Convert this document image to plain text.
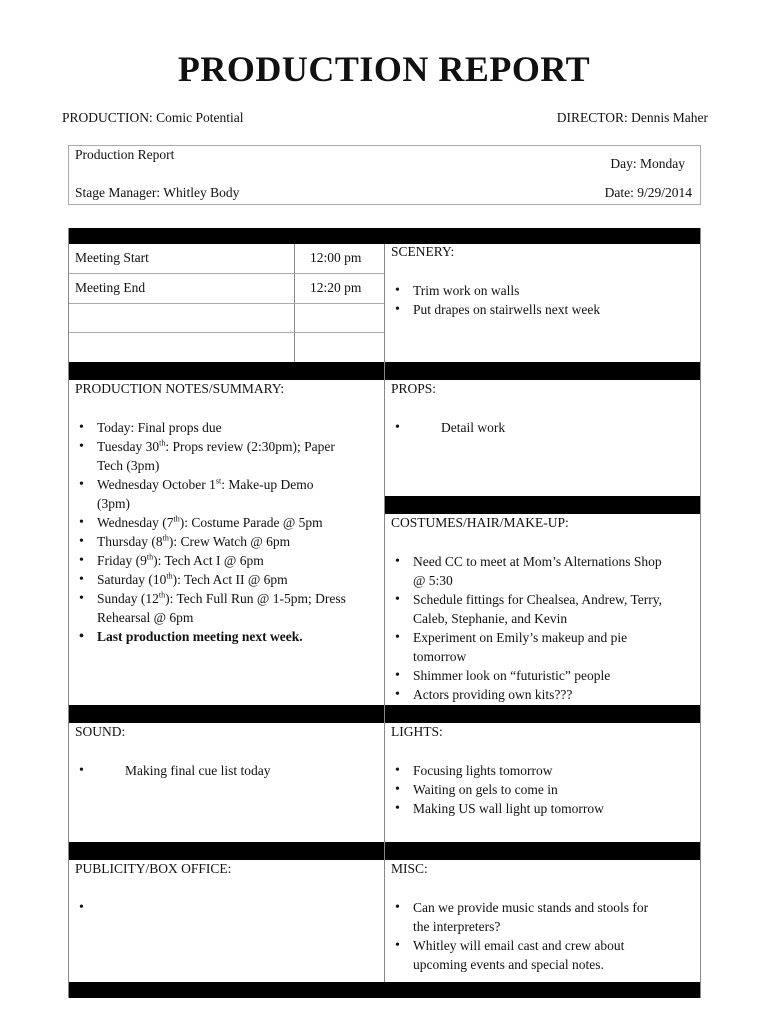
PRODUCTION REPORT
PRODUCTION: Comic Potential	DIRECTOR: Dennis Maher
Production Report
Stage Manager: Whitley Body
Day: Monday
Date: 9/29/2014
Meeting Start	12:00 pm
Meeting End	12:20 pm
SCENERY:
• Trim work on walls
• Put drapes on stairwells next week
PRODUCTION NOTES/SUMMARY:
• Today: Final props due
• Tuesday 30th: Props review (2:30pm); Paper
Tech (3pm)
• Wednesday October 1st: Make-up Demo
(3pm)
• Wednesday (7th): Costume Parade @ 5pm
• Thursday (8th): Crew Watch @ 6pm
• Friday (9th): Tech Act I @ 6pm
• Saturday (10th): Tech Act II @ 6pm
• Sunday (12th): Tech Full Run @ 1-5pm; Dress
Rehearsal @ 6pm
• Last production meeting next week.
PROPS:
• Detail work
COSTUMES/HAIR/MAKE-UP:
• Need CC to meet at Mom’s Alternations Shop
@ 5:30
• Schedule fittings for Chealsea, Andrew, Terry,
Caleb, Stephanie, and Kevin
• Experiment on Emily’s makeup and pie
tomorrow
• Shimmer look on “futuristic” people
• Actors providing own kits???
SOUND:
• Making final cue list today
LIGHTS:
• Focusing lights tomorrow
• Waiting on gels to come in
• Making US wall light up tomorrow
PUBLICITY/BOX OFFICE:	MISC:
• Can we provide music stands and stools for
the interpreters?
• Whitley will email cast and crew about
upcoming events and special notes.
